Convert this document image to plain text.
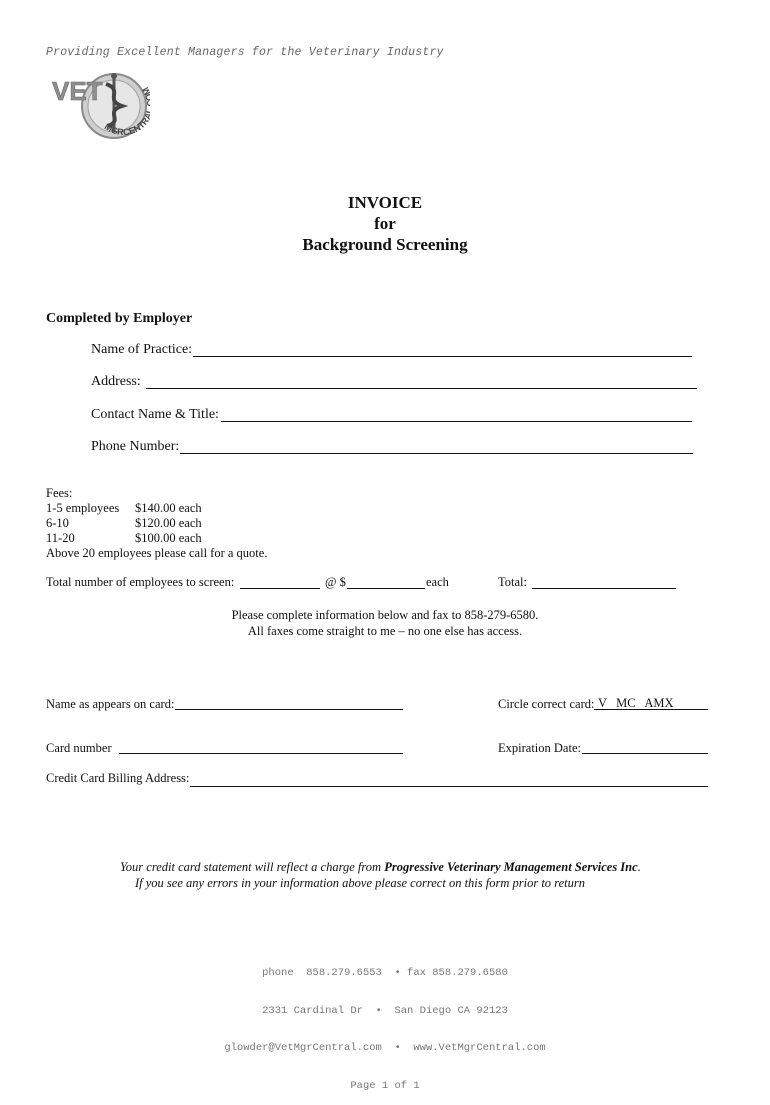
Providing Excellent Managers for the Veterinary Industry
VET
MGRCENTR
INVOICE
for
Background Screening
Completed by Employer
Name of Practice:
Address:
Contact Name & Title:
Phone Number:
Fees:
1-5 employees $140.00 each
6-10	$120.00 each
11-20	$100.00 each
Above 20 employees please call for a quote.
Total number of employees to screen:	@ $	each	Total:
Please complete information below and fax to 858-279-6580.
All faxes come straight to me – no one else has access.
Name as appears on card:	Circle correct card: V   MC   AMX
Card number	Expiration Date:
Credit Card Billing Address:
Your credit card statement will reflect a charge from Progressive Veterinary Management Services Inc.
If you see any errors in your information above please correct on this form prior to return

phone  858.279.6553  • fax 858.279.6580

2331 Cardinal Dr  •  San Diego CA 92123

glowder@VetMgrCentral.com  •  www.VetMgrCentral.com

Page 1 of 1
